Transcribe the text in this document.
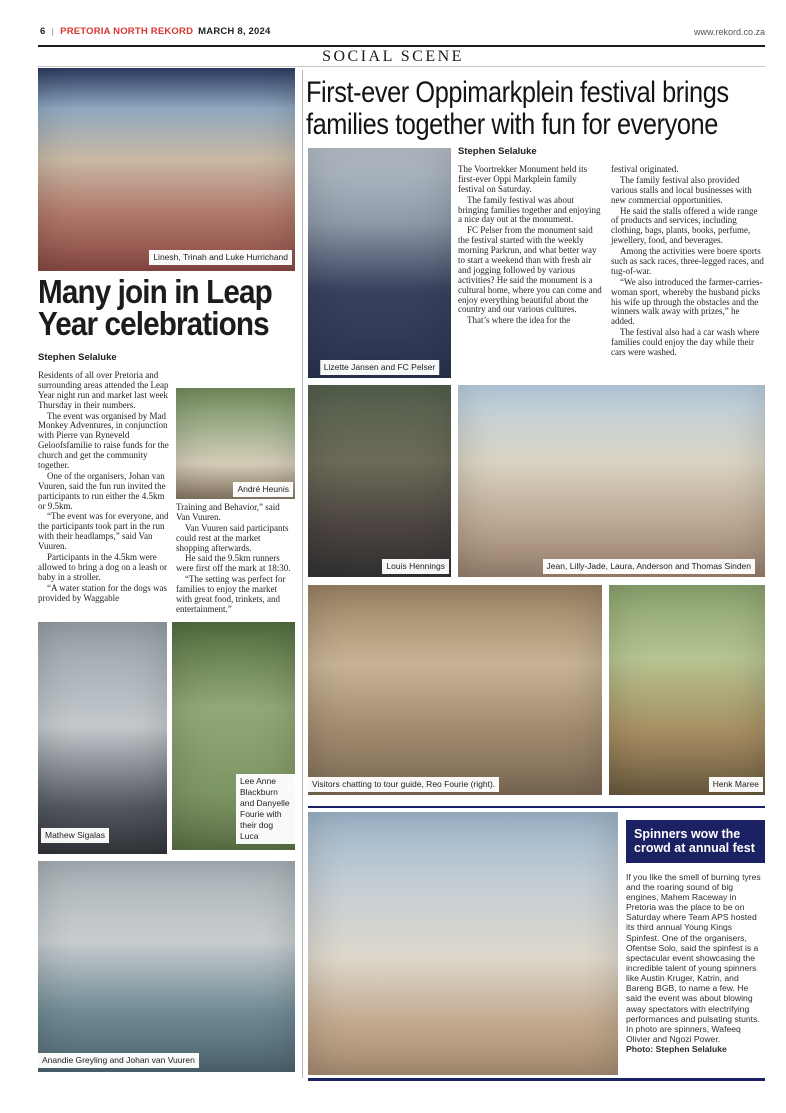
6 | PRETORIA NORTH REKORD MARCH 8, 2024	www.rekord.co.za
SOCIAL SCENE
Linesh, Trinah and Luke Hurrichand
Many join in Leap Year celebrations
Stephen Selaluke

Residents of all over Pretoria and surrounding areas attended the Leap Year night run and market last week Thursday in their numbers.

The event was organised by Mad Monkey Adventures, in conjunction with Pierre van Ryneveld Geloofsfamilie to raise funds for the church and get the community together.

One of the organisers, Johan van Vuuren, said the fun run invited the participants to run either the 4.5km or 9.5km.

“The event was for everyone, and the participants took part in the run with their headlamps,” said Van Vuuren.

Participants in the 4.5km were allowed to bring a dog on a leash or baby in a stroller.

“A water station for the dogs was provided by Waggable

André Heunis

Training and Behavior,” said Van Vuuren.

Van Vuuren said participants could rest at the market shopping afterwards.

He said the 9.5km runners were first off the mark at 18:30.

“The setting was perfect for families to enjoy the market with great food, trinkets, and entertainment.”

Mathew Sigalas
Lee Anne Blackburn and Danyelle Fourie with their dog Luca
Anandie Greyling and Johan van Vuuren
First-ever Oppimarkplein festival brings families together with fun for everyone
Stephen Selaluke
Lizette Jansen and FC Pelser

The Voortrekker Monument held its first-ever Oppi Markplein family festival on Saturday.

The family festival was about bringing families together and enjoying a nice day out at the monument.

FC Pelser from the monument said the festival started with the weekly morning Parkrun, and what better way to start a weekend than with fresh air and jogging followed by various activities? He said the monument is a cultural home, where you can come and enjoy everything beautiful about the country and our various cultures.

That’s where the idea for the

festival originated.

The family festival also provided various stalls and local businesses with new commercial opportunities.

He said the stalls offered a wide range of products and services, including clothing, bags, plants, books, perfume, jewellery, food, and beverages.

Among the activities were boere sports such as sack races, three-legged races, and tug-of-war.

“We also introduced the farmer-carries-woman sport, whereby the husband picks his wife up through the obstacles and the winners walk away with prizes,” he added.

The festival also had a car wash where families could enjoy the day while their cars were washed.

Louis Hennings	Jean, Lilly-Jade, Laura, Anderson and Thomas Sinden
Visitors chatting to tour guide, Reo Fourie (right).	Henk Maree
Spinners wow the crowd at annual fest
If you like the smell of burning tyres and the roaring sound of big engines, Mahem Raceway in Pretoria was the place to be on Saturday where Team APS hosted its third annual Young Kings Spinfest. One of the organisers, Ofentse Solo, said the spinfest is a spectacular event showcasing the incredible talent of young spinners like Austin Kruger, Katrin, and Bareng BGB, to name a few. He said the event was about blowing away spectators with electrifying performances and pulsating stunts. In photo are spinners, Wafeeq Olivier and Ngozi Power.
Photo: Stephen Selaluke
